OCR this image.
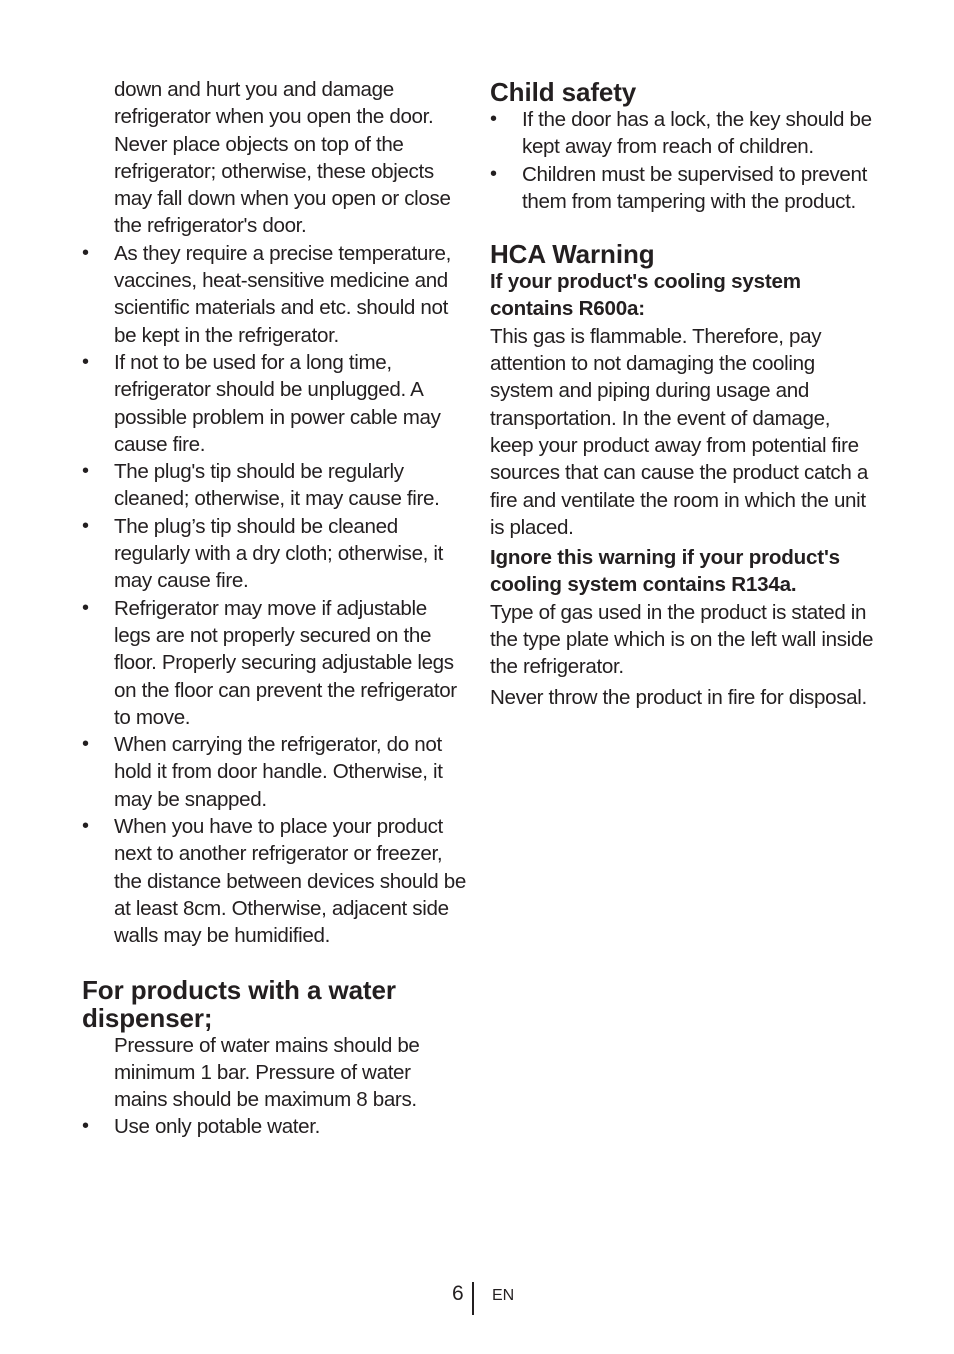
down and hurt you and damage refrigerator when you open the door. Never place objects on top of the refrigerator; otherwise, these objects may fall down when you open or close the refrigerator's door.

• As they require a precise temperature, vaccines, heat-sensitive medicine and scientific materials and etc. should not be kept in the refrigerator.
• If not to be used for a long time, refrigerator should be unplugged. A possible problem in power cable may cause fire.
• The plug's tip should be regularly cleaned; otherwise, it may cause fire.
• The plug’s tip should be cleaned regularly with a dry cloth; otherwise, it may cause fire.
• Refrigerator may move if adjustable legs are not properly secured on the floor. Properly securing adjustable legs on the floor can prevent the refrigerator to move.
• When carrying the refrigerator, do not hold it from door handle. Otherwise, it may be snapped.
• When you have to place your product next to another refrigerator or freezer, the distance between devices should be at least 8cm. Otherwise, adjacent side walls may be humidified.
For products with a water dispenser;

Pressure of water mains should be minimum 1 bar. Pressure of water mains should be maximum 8 bars.

• Use only potable water.
Child safety
• If the door has a lock, the key should be kept away from reach of children.
• Children must be supervised to prevent them from tampering with the product.
HCA Warning

If your product's cooling system contains R600a:

This gas is flammable. Therefore, pay attention to not damaging the cooling system and piping during usage and transportation. In the event of damage, keep your product away from potential fire sources that can cause the product catch a fire and ventilate the room in which the unit is placed.

Ignore this warning if your product's cooling system contains R134a.

Type of gas used in the product is stated in the type plate which is on the left wall inside the refrigerator.

Never throw the product in fire for disposal.

6 EN
